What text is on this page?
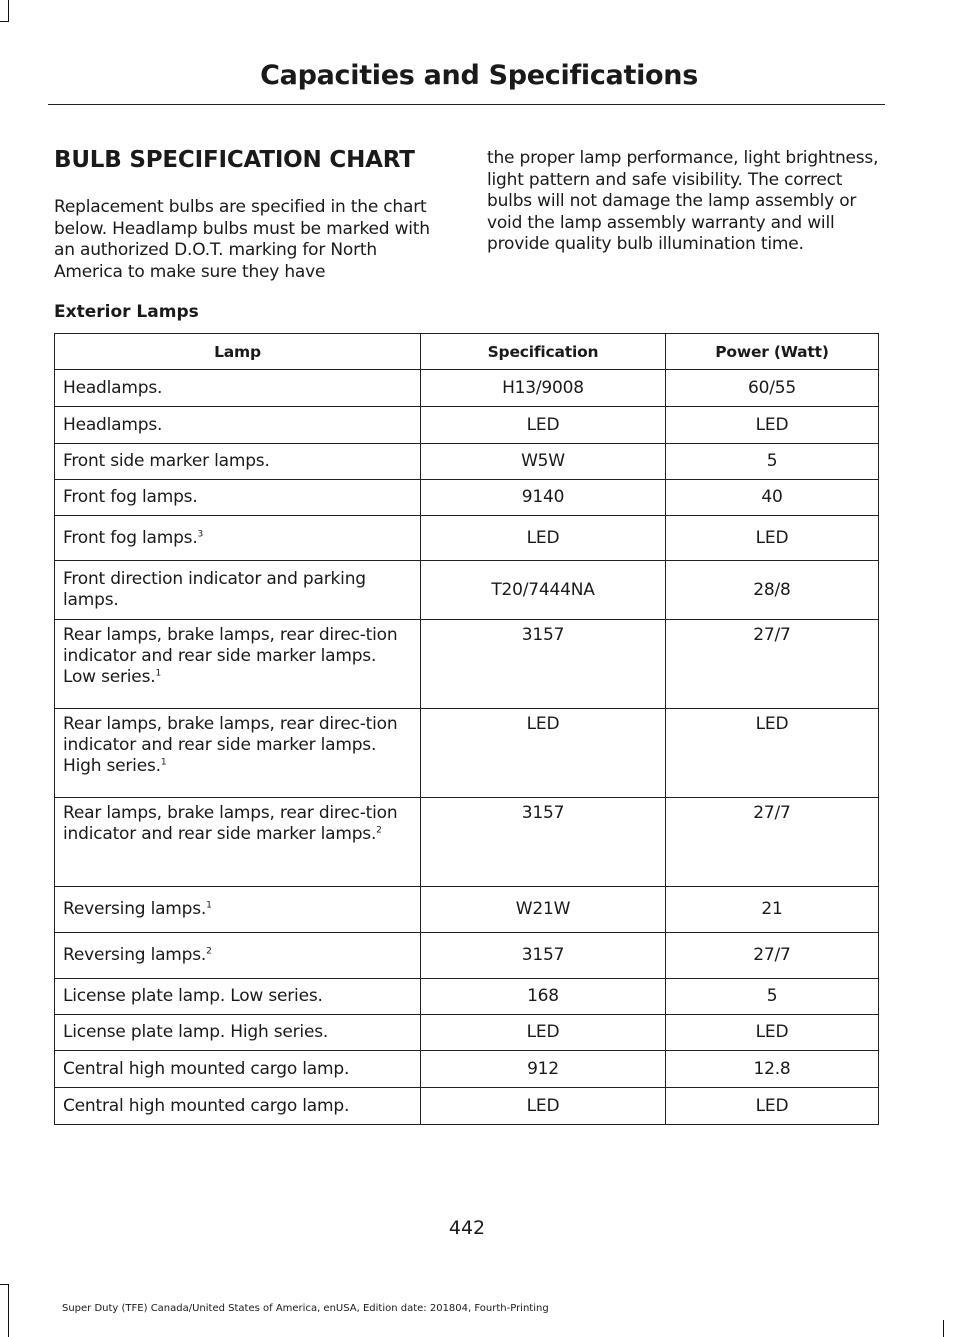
Capacities and Specifications
BULB SPECIFICATION CHART
Replacement bulbs are specified in the chart below. Headlamp bulbs must be marked with an authorized D.O.T. marking for North America to make sure they have
the proper lamp performance, light brightness, light pattern and safe visibility. The correct bulbs will not damage the lamp assembly or void the lamp assembly warranty and will provide quality bulb illumination time.
Exterior Lamps
Lamp	Specification	Power (Watt)
Headlamps.	H13/9008	60/55
Headlamps.	LED	LED
Front side marker lamps.	W5W	5
Front fog lamps.	9140	40
Front fog lamps.$^3$	LED	LED
Front direction indicator and parking lamps.	T20/7444NA	28/8
Rear lamps, brake lamps, rear direc-tion indicator and rear side marker lamps. Low series.$^1$	3157	27/7
Rear lamps, brake lamps, rear direc-tion indicator and rear side marker lamps. High series.$^1$	LED	LED
Rear lamps, brake lamps, rear direc-tion indicator and rear side marker lamps.$^2$	3157	27/7
Reversing lamps.$^1$	W21W	21
Reversing lamps.$^2$	3157	27/7
License plate lamp. Low series.	168	5
License plate lamp. High series.	LED	LED
Central high mounted cargo lamp.	912	12.8
Central high mounted cargo lamp.	LED	LED
442
Super Duty (TFE) Canada/United States of America, enUSA, Edition date: 201804, Fourth-Printing
